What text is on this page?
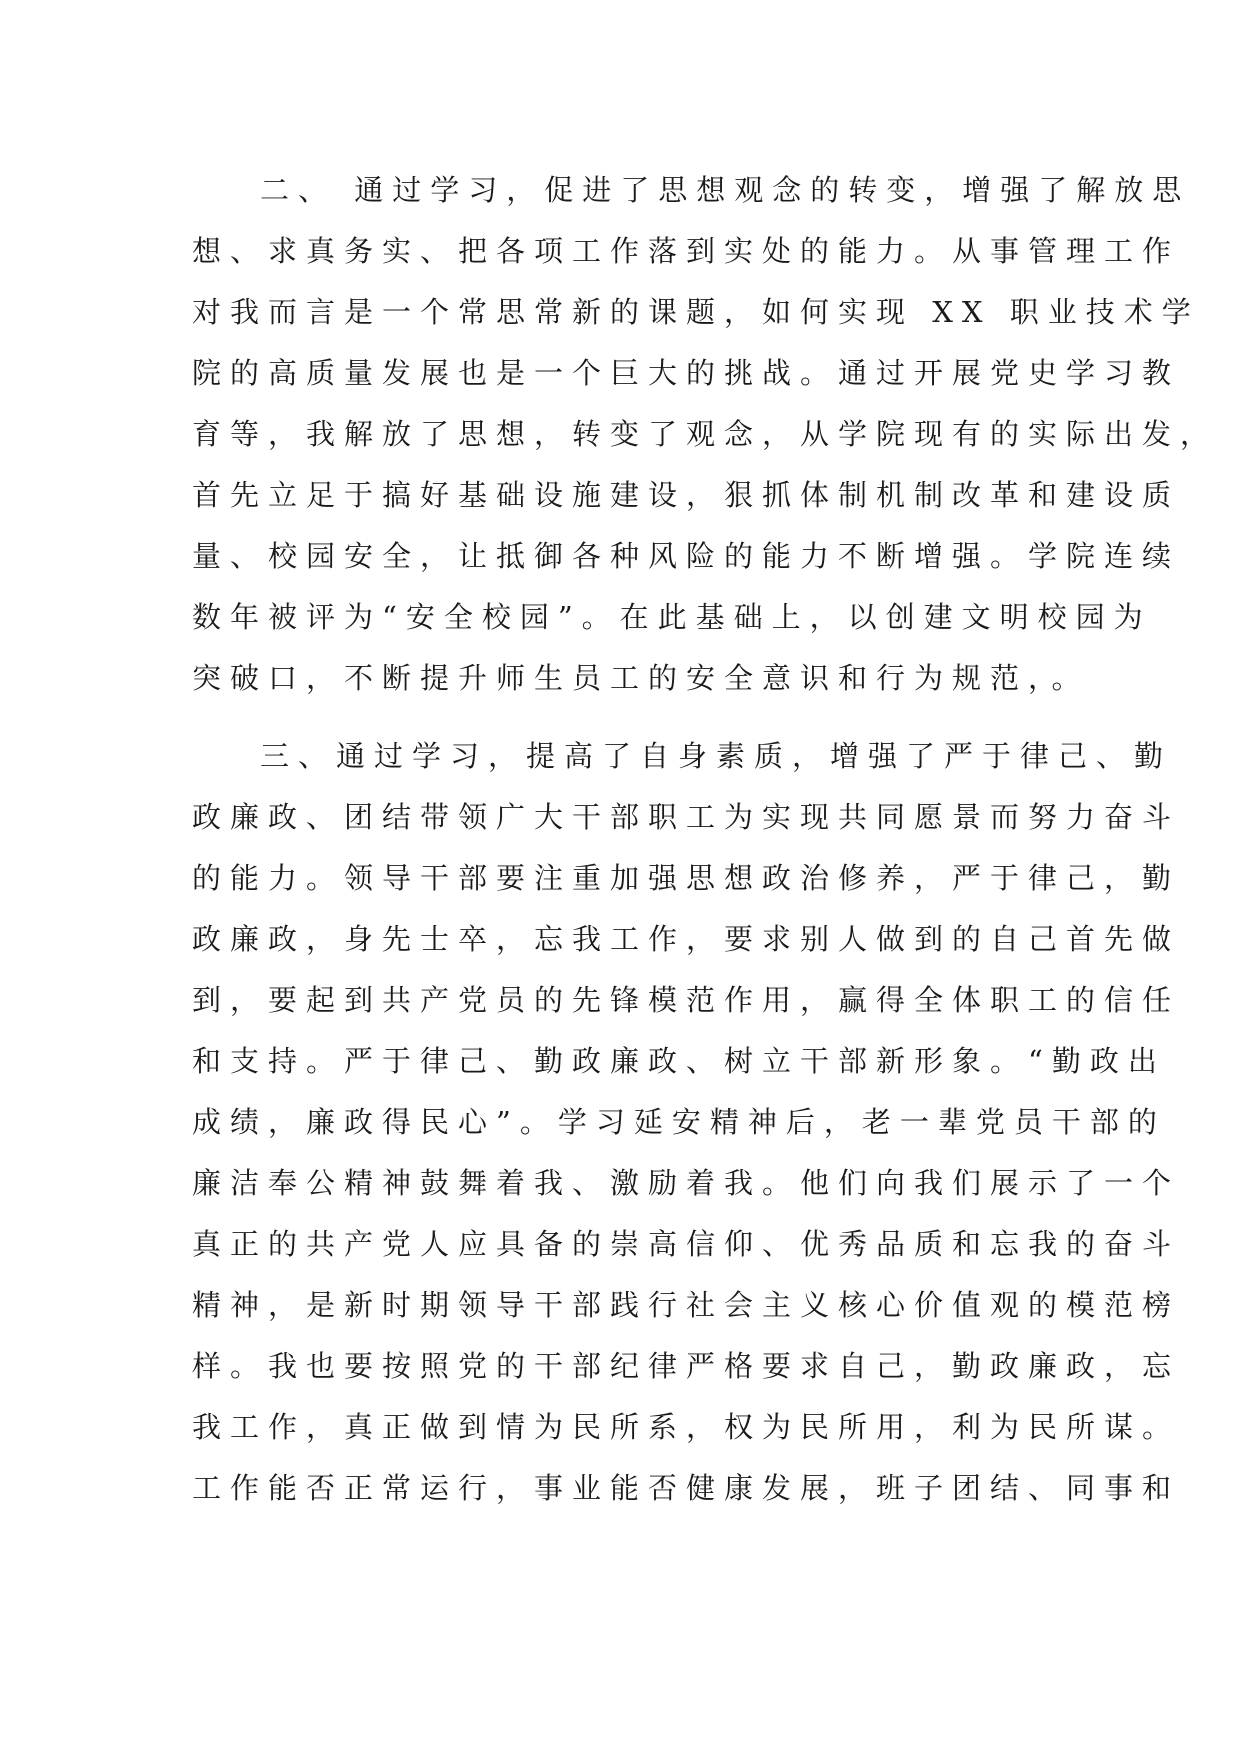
二、 通过学习，促进了思想观念的转变，增强了解放思
想、求真务实、把各项工作落到实处的能力。从事管理工作
对我而言是一个常思常新的课题，如何实现 XX 职业技术学
院的高质量发展也是一个巨大的挑战。通过开展党史学习教
育等，我解放了思想，转变了观念，从学院现有的实际出发，
首先立足于搞好基础设施建设，狠抓体制机制改革和建设质
量、校园安全，让抵御各种风险的能力不断增强。学院连续
数年被评为“安全校园”。在此基础上，以创建文明校园为
突破口，不断提升师生员工的安全意识和行为规范，。
三、通过学习，提高了自身素质，增强了严于律己、勤
政廉政、团结带领广大干部职工为实现共同愿景而努力奋斗
的能力。领导干部要注重加强思想政治修养，严于律己，勤
政廉政，身先士卒，忘我工作，要求别人做到的自己首先做
到，要起到共产党员的先锋模范作用，赢得全体职工的信任
和支持。严于律己、勤政廉政、树立干部新形象。“勤政出
成绩，廉政得民心”。学习延安精神后，老一辈党员干部的
廉洁奉公精神鼓舞着我、激励着我。他们向我们展示了一个
真正的共产党人应具备的崇高信仰、优秀品质和忘我的奋斗
精神，是新时期领导干部践行社会主义核心价值观的模范榜
样。我也要按照党的干部纪律严格要求自己，勤政廉政，忘
我工作，真正做到情为民所系，权为民所用，利为民所谋。
工作能否正常运行，事业能否健康发展，班子团结、同事和
